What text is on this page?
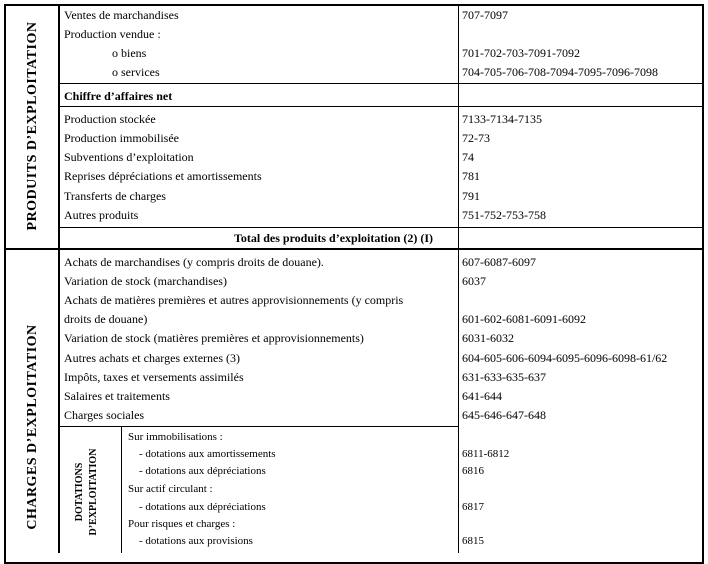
PRODUITS D’EXPLOITATION
CHARGES D’EXPLOITATION	DOTATIONS D’EXPLOITATION
Ventes de marchandises	707-7097
Production vendue :
o biens	701-702-703-7091-7092
o services	704-705-706-708-7094-7095-7096-7098
Chiffre d’affaires net
Production stockée	7133-7134-7135
Production immobilisée	72-73
Subventions d’exploitation	74
Reprises dépréciations et amortissements	781
Transferts de charges	791
Autres produits	751-752-753-758
Total des produits d’exploitation (2) (I)
Achats de marchandises (y compris droits de douane).	607-6087-6097
Variation de stock (marchandises)	6037
Achats de matières premières et autres approvisionnements (y compris
droits de douane)	601-602-6081-6091-6092
Variation de stock (matières premières et approvisionnements)	6031-6032
Autres achats et charges externes (3)	604-605-606-6094-6095-6096-6098-61/62
Impôts, taxes et versements assimilés	631-633-635-637
Salaires et traitements	641-644
Charges sociales	645-646-647-648
Sur immobilisations :
- dotations aux amortissements	6811-6812
- dotations aux dépréciations	6816
Sur actif circulant :
- dotations aux dépréciations	6817
Pour risques et charges :
- dotations aux provisions	6815
